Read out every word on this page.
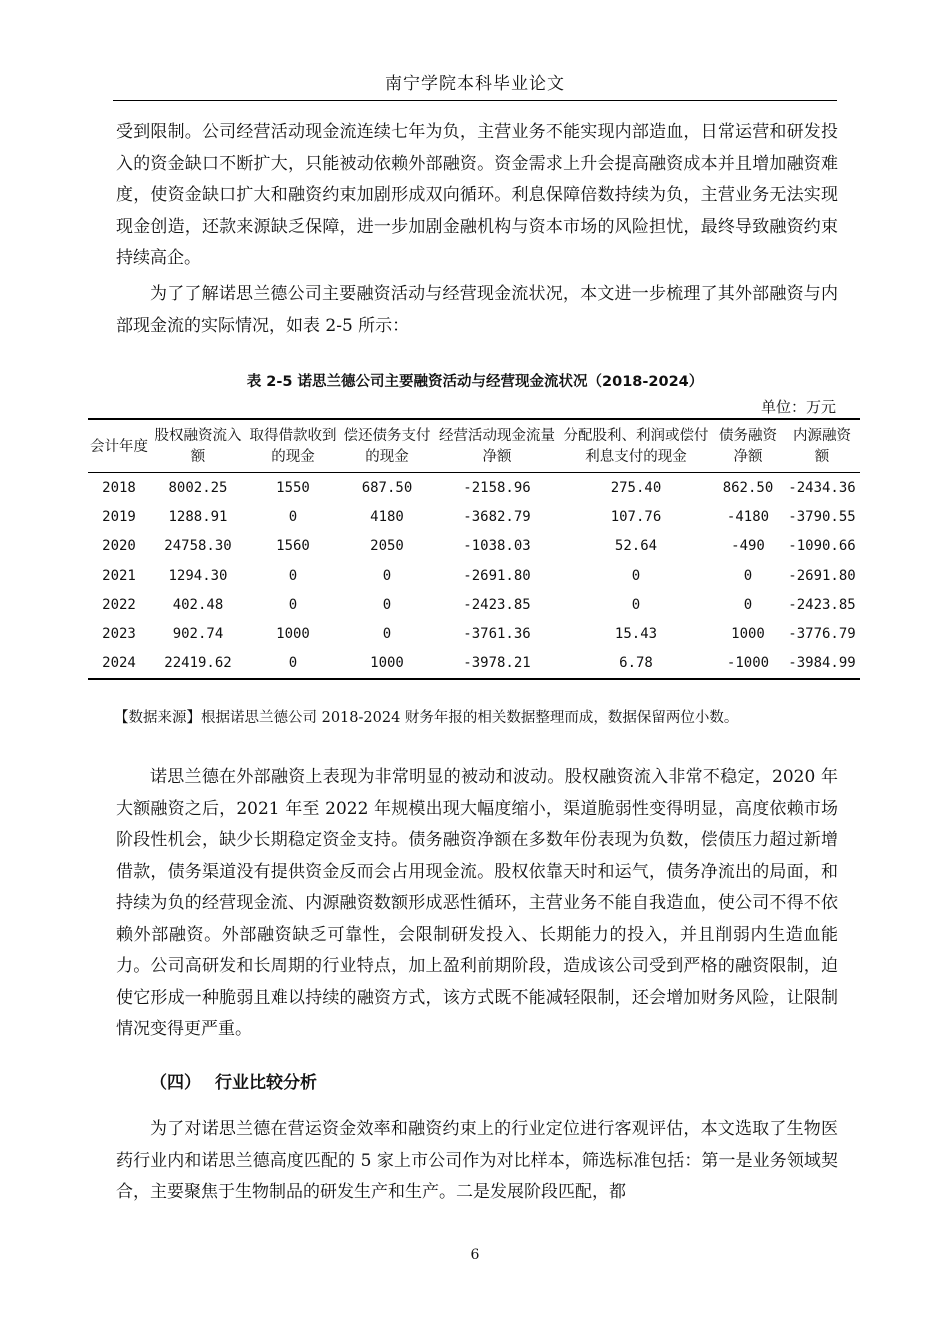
南宁学院本科毕业论文

受到限制。公司经营活动现金流连续七年为负，主营业务不能实现内部造血，日常运营和研发投入的资金缺口不断扩大，只能被动依赖外部融资。资金需求上升会提高融资成本并且增加融资难度，使资金缺口扩大和融资约束加剧形成双向循环。利息保障倍数持续为负，主营业务无法实现现金创造，还款来源缺乏保障，进一步加剧金融机构与资本市场的风险担忧，最终导致融资约束持续高企。

为了了解诺思兰德公司主要融资活动与经营现金流状况，本文进一步梳理了其外部融资与内部现金流的实际情况，如表 2-5 所示：

表 2-5 诺思兰德公司主要融资活动与经营现金流状况（2018-2024）
单位：万元
会计年度	股权融资流入额	取得借款收到的现金	偿还债务支付的现金	经营活动现金流量净额	分配股利、利润或偿付利息支付的现金	债务融资净额	内源融资额
2018	8002.25	1550	687.50	-2158.96	275.40	862.50	-2434.36
2019	1288.91	0	4180	-3682.79	107.76	-4180	-3790.55
2020	24758.30	1560	2050	-1038.03	52.64	-490	-1090.66
2021	1294.30	0	0	-2691.80	0	0	-2691.80
2022	402.48	0	0	-2423.85	0	0	-2423.85
2023	902.74	1000	0	-3761.36	15.43	1000	-3776.79
2024	22419.62	0	1000	-3978.21	6.78	-1000	-3984.99
【数据来源】根据诺思兰德公司 2018-2024 财务年报的相关数据整理而成，数据保留两位小数。

诺思兰德在外部融资上表现为非常明显的被动和波动。股权融资流入非常不稳定，2020 年大额融资之后，2021 年至 2022 年规模出现大幅度缩小，渠道脆弱性变得明显，高度依赖市场阶段性机会，缺少长期稳定资金支持。债务融资净额在多数年份表现为负数，偿债压力超过新增借款，债务渠道没有提供资金反而会占用现金流。股权依靠天时和运气，债务净流出的局面，和持续为负的经营现金流、内源融资数额形成恶性循环，主营业务不能自我造血，使公司不得不依赖外部融资。外部融资缺乏可靠性，会限制研发投入、长期能力的投入，并且削弱内生造血能力。公司高研发和长周期的行业特点，加上盈利前期阶段，造成该公司受到严格的融资限制，迫使它形成一种脆弱且难以持续的融资方式，该方式既不能减轻限制，还会增加财务风险，让限制情况变得更严重。

（四） 行业比较分析

为了对诺思兰德在营运资金效率和融资约束上的行业定位进行客观评估，本文选取了生物医药行业内和诺思兰德高度匹配的 5 家上市公司作为对比样本，筛选标准包括：第一是业务领域契合，主要聚焦于生物制品的研发生产和生产。二是发展阶段匹配，都

6
